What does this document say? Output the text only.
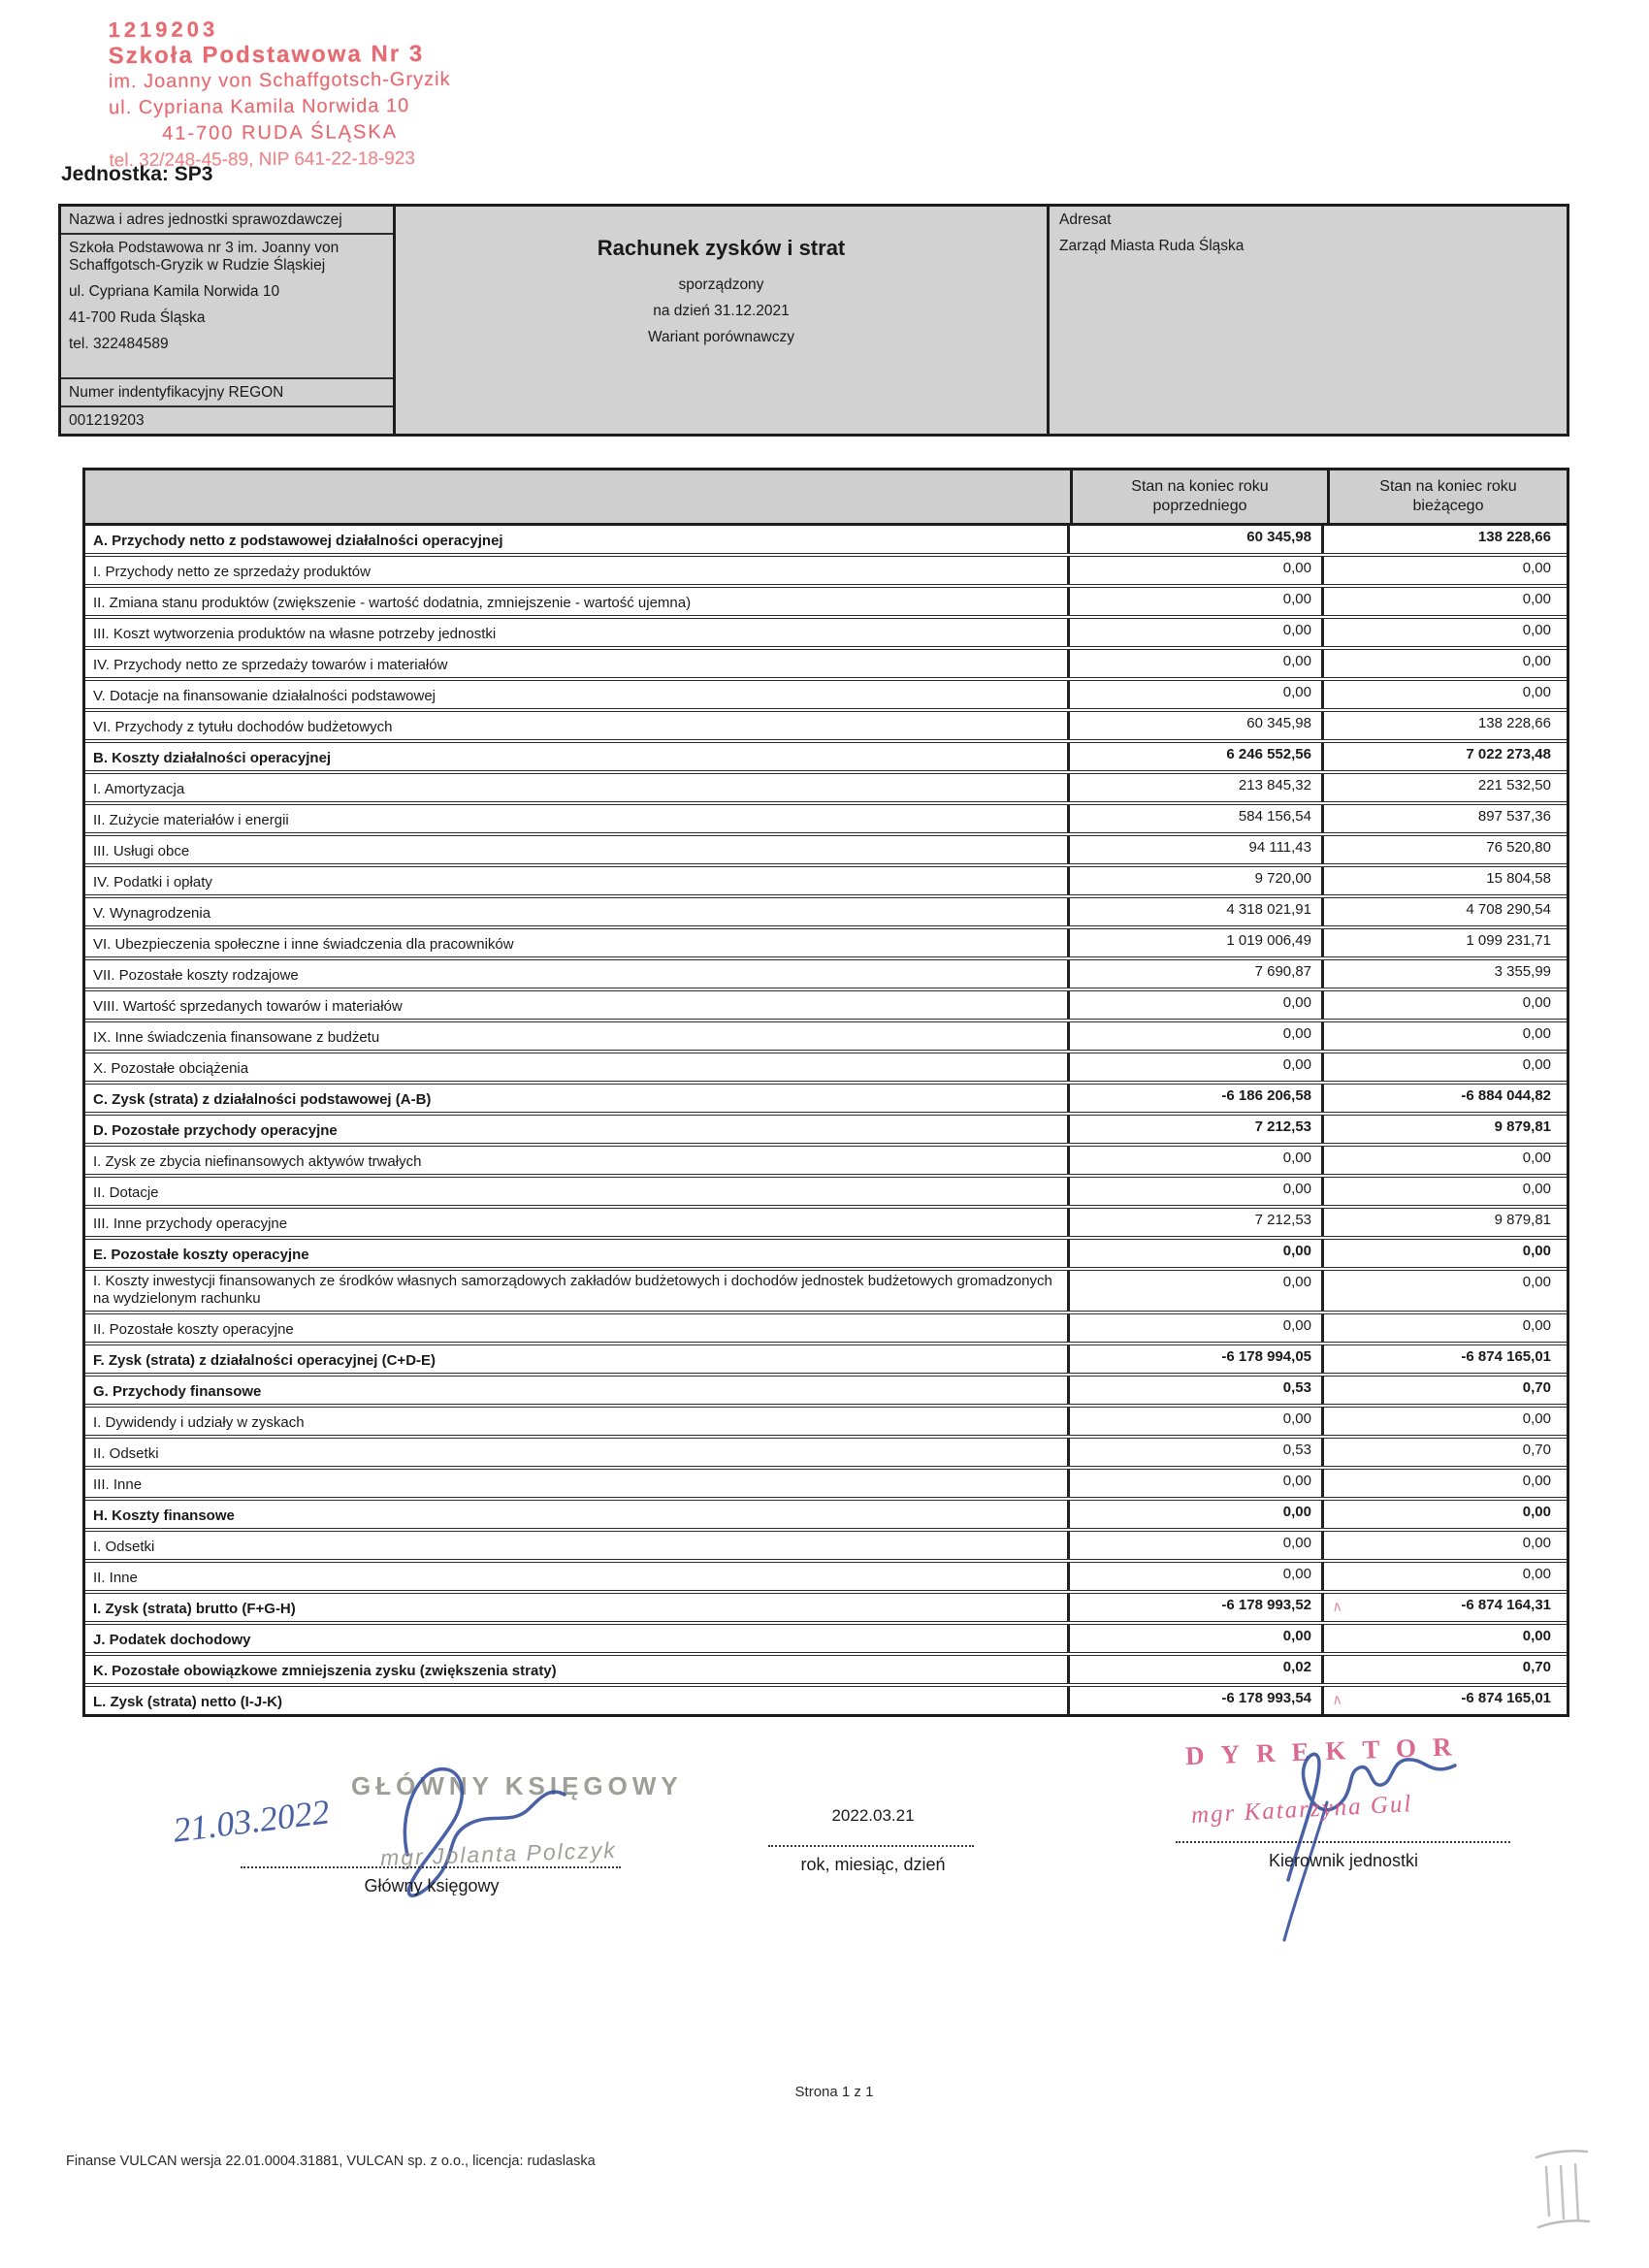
1219203
Szkoła Podstawowa Nr 3
im. Joanny von Schaffgotsch-Gryzik
ul. Cypriana Kamila Norwida 10
41-700 RUDA ŚLĄSKA
tel. 32/248-45-89, NIP 641-22-18-923
Jednostka: SP3
Nazwa i adres jednostki sprawozdawczej
Szkoła Podstawowa nr 3 im. Joanny von Schaffgotsch-Gryzik w Rudzie Śląskiej
ul. Cypriana Kamila Norwida 10
41-700 Ruda Śląska
tel. 322484589
Numer indentyfikacyjny REGON
001219203
Rachunek zysków i strat
sporządzony
na dzień 31.12.2021
Wariant porównawczy
Adresat
Zarząd Miasta Ruda Śląska
Stan na koniec roku
poprzedniego
Stan na koniec roku
bieżącego
A. Przychody netto z podstawowej działalności operacyjnej	60 345,98	138 228,66
I. Przychody netto ze sprzedaży produktów	0,00	0,00
II. Zmiana stanu produktów (zwiększenie - wartość dodatnia, zmniejszenie - wartość ujemna)	0,00	0,00
III. Koszt wytworzenia produktów na własne potrzeby jednostki	0,00	0,00
IV. Przychody netto ze sprzedaży towarów i materiałów	0,00	0,00
V. Dotacje na finansowanie działalności podstawowej	0,00	0,00
VI. Przychody z tytułu dochodów budżetowych	60 345,98	138 228,66
B. Koszty działalności operacyjnej	6 246 552,56	7 022 273,48
I. Amortyzacja	213 845,32	221 532,50
II. Zużycie materiałów i energii	584 156,54	897 537,36
III. Usługi obce	94 111,43	76 520,80
IV. Podatki i opłaty	9 720,00	15 804,58
V. Wynagrodzenia	4 318 021,91	4 708 290,54
VI. Ubezpieczenia społeczne i inne świadczenia dla pracowników	1 019 006,49	1 099 231,71
VII. Pozostałe koszty rodzajowe	7 690,87	3 355,99
VIII. Wartość sprzedanych towarów i materiałów	0,00	0,00
IX. Inne świadczenia finansowane z budżetu	0,00	0,00
X. Pozostałe obciążenia	0,00	0,00
C. Zysk (strata) z działalności podstawowej (A-B)	-6 186 206,58	-6 884 044,82
D. Pozostałe przychody operacyjne	7 212,53	9 879,81
I. Zysk ze zbycia niefinansowych aktywów trwałych	0,00	0,00
II. Dotacje	0,00	0,00
III. Inne przychody operacyjne	7 212,53	9 879,81
E. Pozostałe koszty operacyjne	0,00	0,00
I. Koszty inwestycji finansowanych ze środków własnych samorządowych zakładów budżetowych i dochodów jednostek budżetowych gromadzonych na wydzielonym rachunku
0,00	0,00
II. Pozostałe koszty operacyjne	0,00	0,00
F. Zysk (strata) z działalności operacyjnej (C+D-E)	-6 178 994,05	-6 874 165,01
G. Przychody finansowe	0,53	0,70
I. Dywidendy i udziały w zyskach	0,00	0,00
II. Odsetki	0,53	0,70
III. Inne	0,00	0,00
H. Koszty finansowe	0,00	0,00
I. Odsetki	0,00	0,00
II. Inne	0,00	0,00
I. Zysk (strata) brutto (F+G-H)	-6 178 993,52 ∧	-6 874 164,31
J. Podatek dochodowy	0,00	0,00
K. Pozostałe obowiązkowe zmniejszenia zysku (zwiększenia straty)	0,02	0,70
L. Zysk (strata) netto (I-J-K)	-6 178 993,54 ∧	-6 874 165,01
GŁÓWNY KSIĘGOWY
21.03.2022
mgr Jolanta Polczyk
Główny księgowy
2022.03.21
rok, miesiąc, dzień
DYREKTOR
mgr Katarzyna Gul
Kierownik jednostki
Strona 1 z 1
Finanse VULCAN wersja 22.01.0004.31881, VULCAN sp. z o.o., licencja: rudaslaska
